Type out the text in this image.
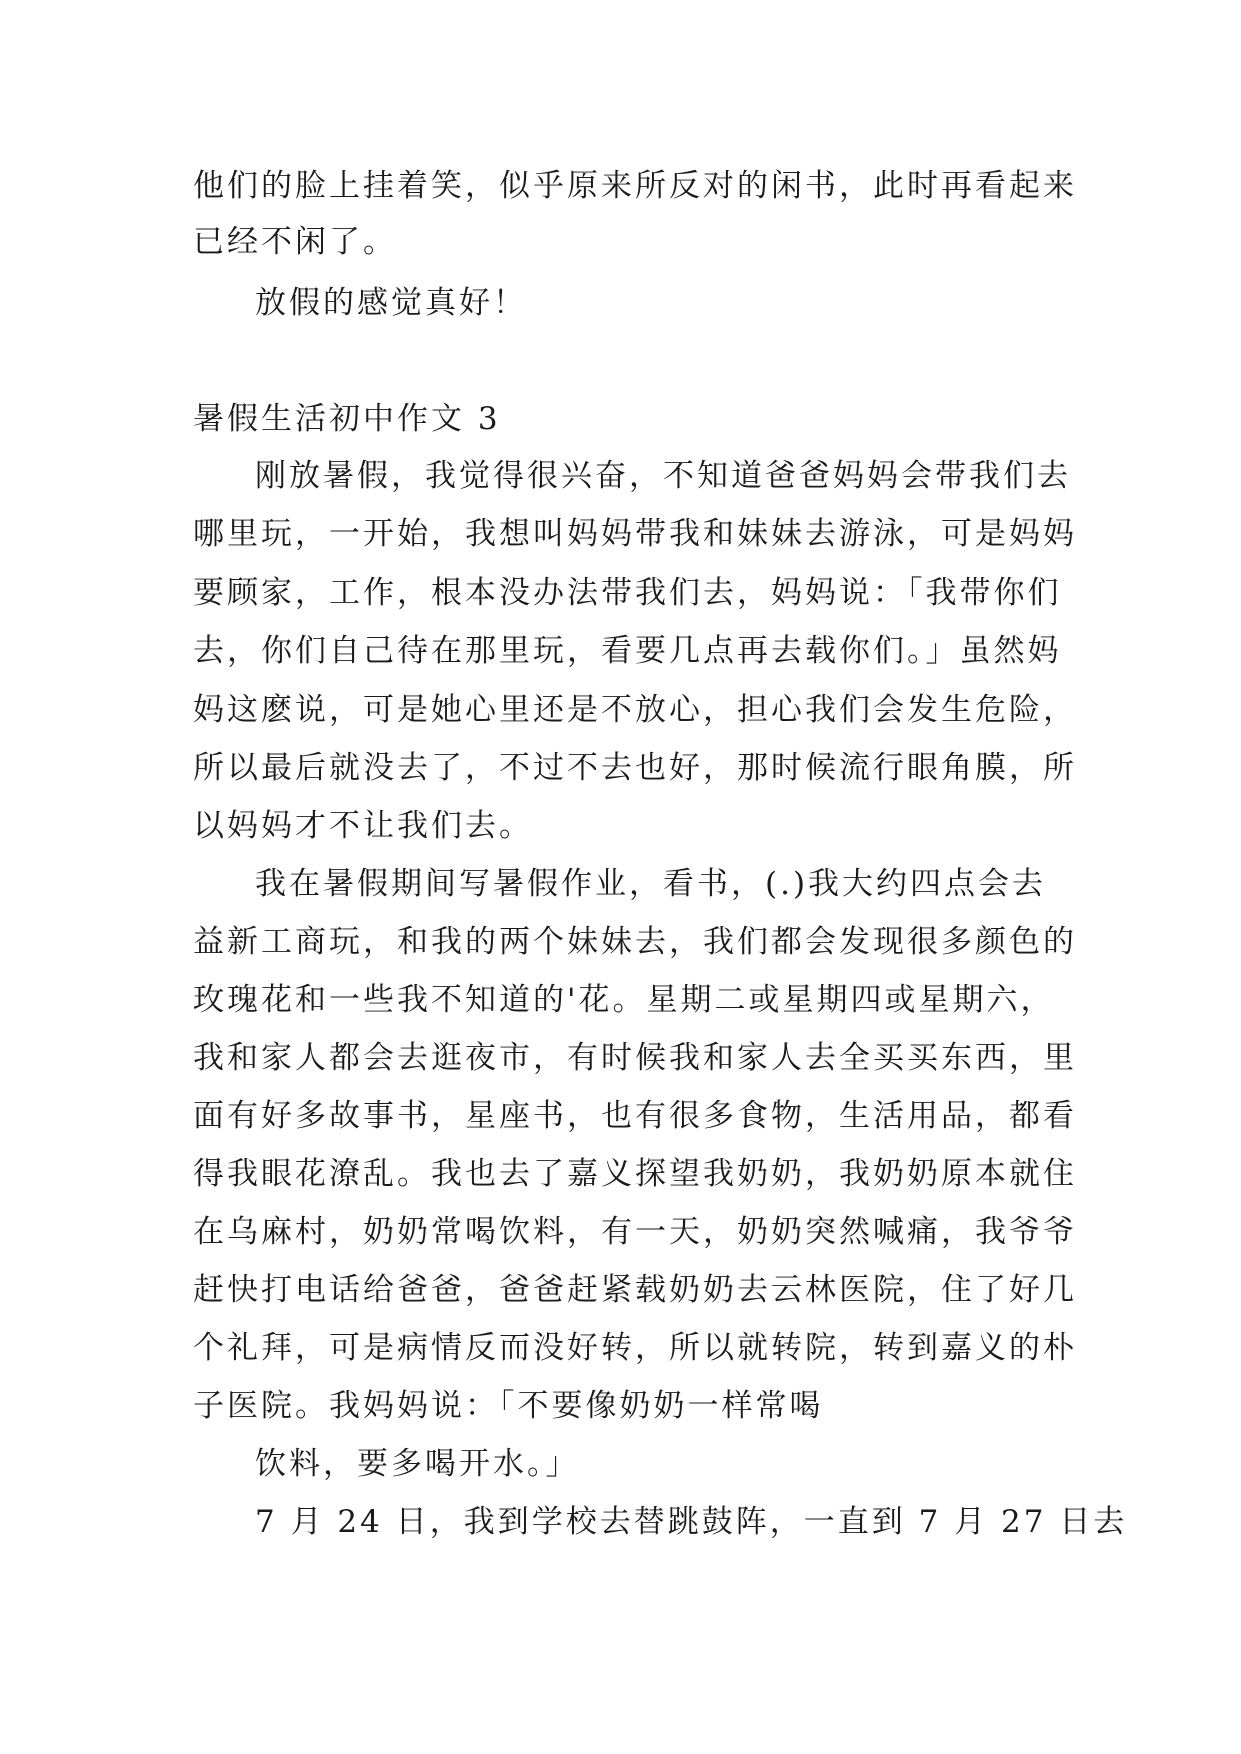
他们的脸上挂着笑，似乎原来所反对的闲书，此时再看起来
已经不闲了。
放假的感觉真好！
暑假生活初中作文 3
刚放暑假，我觉得很兴奋，不知道爸爸妈妈会带我们去
哪里玩，一开始，我想叫妈妈带我和妹妹去游泳，可是妈妈
要顾家，工作，根本没办法带我们去，妈妈说：「我带你们
去，你们自己待在那里玩，看要几点再去载你们。」虽然妈
妈这麽说，可是她心里还是不放心，担心我们会发生危险，
所以最后就没去了，不过不去也好，那时候流行眼角膜，所
以妈妈才不让我们去。
我在暑假期间写暑假作业，看书，(.)我大约四点会去
益新工商玩，和我的两个妹妹去，我们都会发现很多颜色的
玫瑰花和一些我不知道的'花。星期二或星期四或星期六，
我和家人都会去逛夜市，有时候我和家人去全买买东西，里
面有好多故事书，星座书，也有很多食物，生活用品，都看
得我眼花潦乱。我也去了嘉义探望我奶奶，我奶奶原本就住
在乌麻村，奶奶常喝饮料，有一天，奶奶突然喊痛，我爷爷
赶快打电话给爸爸，爸爸赶紧载奶奶去云林医院，住了好几
个礼拜，可是病情反而没好转，所以就转院，转到嘉义的朴
子医院。我妈妈说：「不要像奶奶一样常喝
饮料，要多喝开水。」
7 月 24 日，我到学校去替跳鼓阵，一直到 7 月 27 日去
